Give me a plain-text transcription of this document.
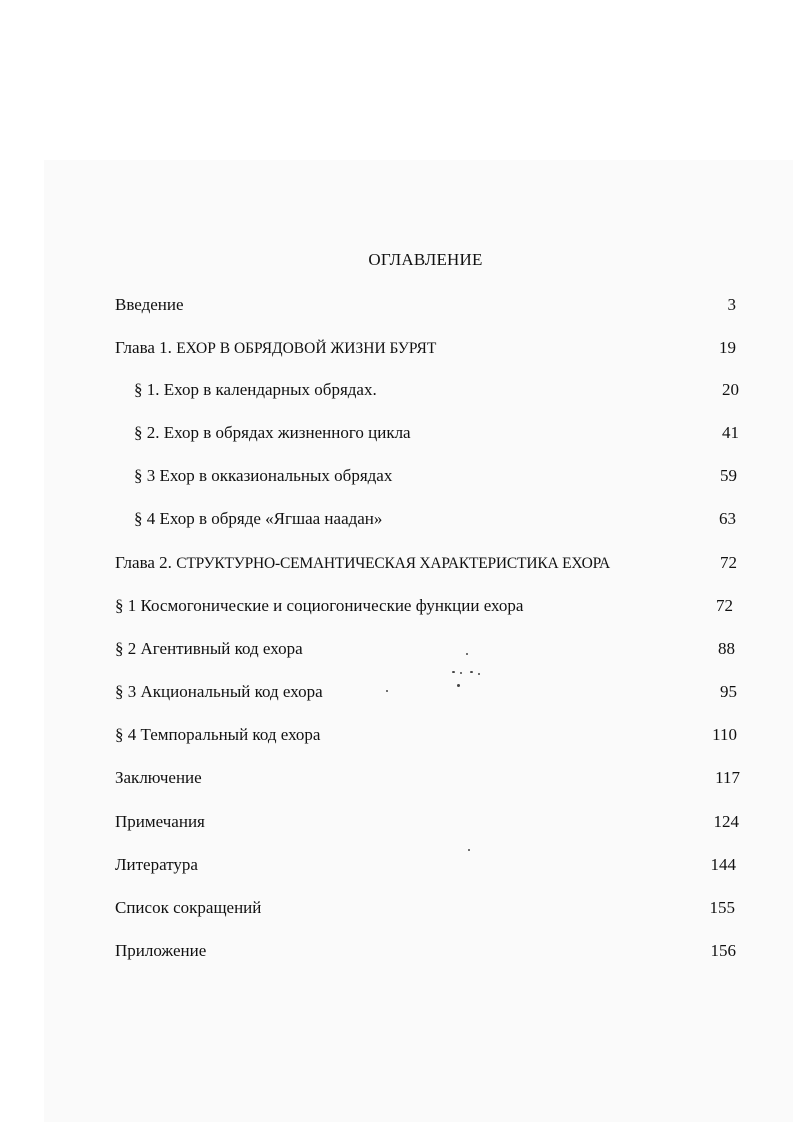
ОГЛАВЛЕНИЕ
Введение	3
Глава 1. ЕХОР В ОБРЯДОВОЙ ЖИЗНИ БУРЯТ	19
§ 1. Ехор в календарных обрядах.	20
§ 2. Ехор в обрядах жизненного цикла	41
§ 3 Ехор в окказиональных обрядах	59
§ 4 Ехор в обряде «Ягшаа наадан»	63
Глава 2. СТРУКТУРНО-СЕМАНТИЧЕСКАЯ ХАРАКТЕРИСТИКА ЕХОРА	72
§ 1 Космогонические и социогонические функции ехора	72
§ 2 Агентивный код ехора	88
§ 3 Акциональный код ехора	95
§ 4 Темпоральный код ехора	110
Заключение	117
Примечания	124
Литература	144
Список сокращений	155
Приложение	156
